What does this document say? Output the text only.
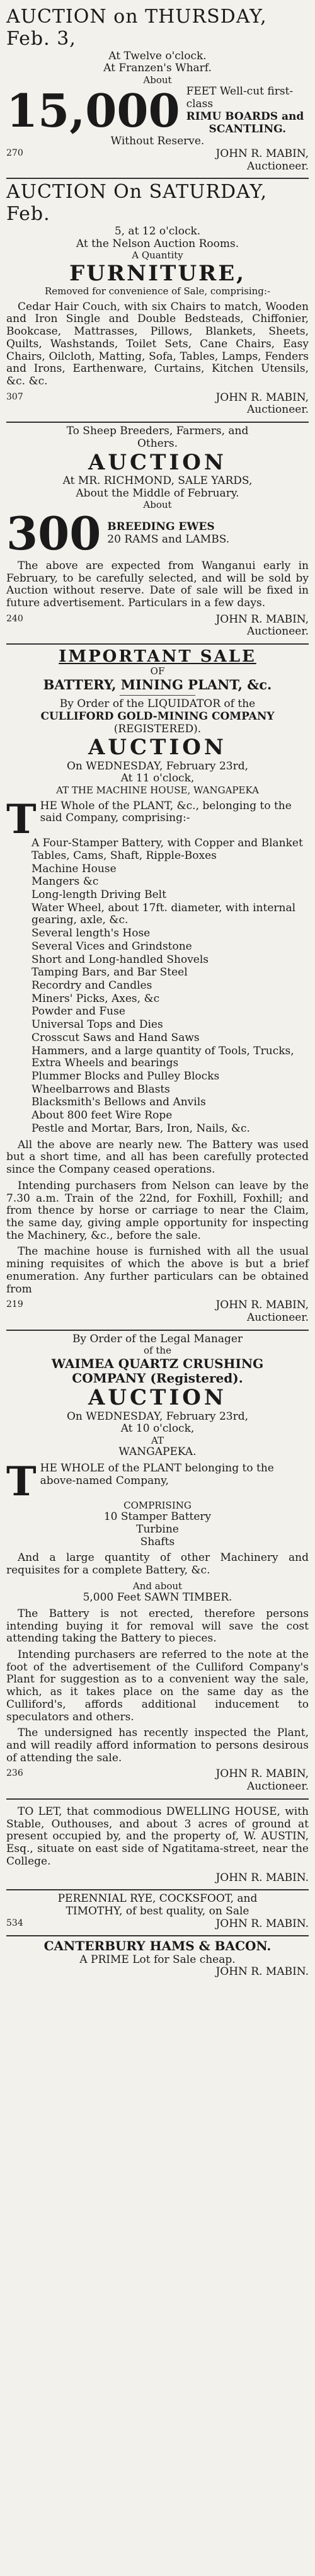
AUCTION on THURSDAY, Feb. 3,
At Twelve o'clock.
At Franzen's Wharf.
About
15,000 FEET Well-cut first-class
RIMU BOARDS and
SCANTLING.
Without Reserve.
270	JOHN R. MABIN,
Auctioneer.
AUCTION On SATURDAY, Feb.
5, at 12 o'clock.
At the Nelson Auction Rooms.
A Quantity
FURNITURE,
Removed for convenience of Sale, comprising:-
Cedar Hair Couch, with six Chairs to match, Wooden and Iron Single and Double Bedsteads, Chiffonier, Bookcase, Mattrasses, Pillows, Blankets, Sheets, Quilts, Washstands, Toilet Sets, Cane Chairs, Easy Chairs, Oilcloth, Matting, Sofa, Tables, Lamps, Fenders and Irons, Earthenware, Curtains, Kitchen Utensils, &c. &c.
307	JOHN R. MABIN,
Auctioneer.
To Sheep Breeders, Farmers, and
Others.
AUCTION
At MR. RICHMOND, SALE YARDS,
About the Middle of February.
About
300 BREEDING EWES
20 RAMS and LAMBS.
The above are expected from Wanganui early in February, to be carefully selected, and will be sold by Auction without reserve. Date of sale will be fixed in future advertisement. Particulars in a few days.
240	JOHN R. MABIN,
Auctioneer.
IMPORTANT SALE
OF
BATTERY, MINING PLANT, &c.
By Order of the LIQUIDATOR of the
CULLIFORD GOLD-MINING COMPANY
(REGISTERED).
AUCTION
On WEDNESDAY, February 23rd,
At 11 o'clock,
AT THE MACHINE HOUSE, WANGAPEKA
T HE Whole of the PLANT, &c., belonging to the said Company, comprising:-
A Four-Stamper Battery, with Copper and Blanket Tables, Cams, Shaft, Ripple-Boxes
Machine House
Mangers &c
Long-length Driving Belt
Water Wheel, about 17ft. diameter, with internal gearing, axle, &c.
Several length's Hose
Several Vices and Grindstone
Short and Long-handled Shovels
Tamping Bars, and Bar Steel
Recordry and Candles
Miners' Picks, Axes, &c
Powder and Fuse
Universal Tops and Dies
Crosscut Saws and Hand Saws
Hammers, and a large quantity of Tools, Trucks, Extra Wheels and bearings
Plummer Blocks and Pulley Blocks
Wheelbarrows and Blasts
Blacksmith's Bellows and Anvils
About 800 feet Wire Rope
Pestle and Mortar, Bars, Iron, Nails, &c.
All the above are nearly new. The Battery was used but a short time, and all has been carefully protected since the Company ceased operations.
Intending purchasers from Nelson can leave by the 7.30 a.m. Train of the 22nd, for Foxhill, Foxhill; and from thence by horse or carriage to near the Claim, the same day, giving ample opportunity for inspecting the Machinery, &c., before the sale.
The machine house is furnished with all the usual mining requisites of which the above is but a brief enumeration. Any further particulars can be obtained from
219	JOHN R. MABIN,
Auctioneer.
By Order of the Legal Manager
of the
WAIMEA QUARTZ CRUSHING
COMPANY (Registered).
AUCTION
On WEDNESDAY, February 23rd,
At 10 o'clock,
AT
WANGAPEKA.
T HE WHOLE of the PLANT belonging to the above-named Company,
COMPRISING
10 Stamper Battery
Turbine
Shafts
And a large quantity of other Machinery and requisites for a complete Battery, &c.
And about
5,000 Feet SAWN TIMBER.
The Battery is not erected, therefore persons intending buying it for removal will save the cost attending taking the Battery to pieces.
Intending purchasers are referred to the note at the foot of the advertisement of the Culliford Company's Plant for suggestion as to a convenient way the sale, which, as it takes place on the same day as the Culliford's, affords additional inducement to speculators and others.
The undersigned has recently inspected the Plant, and will readily afford information to persons desirous of attending the sale.
236	JOHN R. MABIN,
Auctioneer.
TO LET, that commodious DWELLING HOUSE, with Stable, Outhouses, and about 3 acres of ground at present occupied by, and the property of, W. AUSTIN, Esq., situate on east side of Ngatitama-street, near the College.
JOHN R. MABIN.
PERENNIAL RYE, COCKSFOOT, and
TIMOTHY, of best quality, on Sale
534	JOHN R. MABIN.
CANTERBURY HAMS & BACON.
A PRIME Lot for Sale cheap.
JOHN R. MABIN.
